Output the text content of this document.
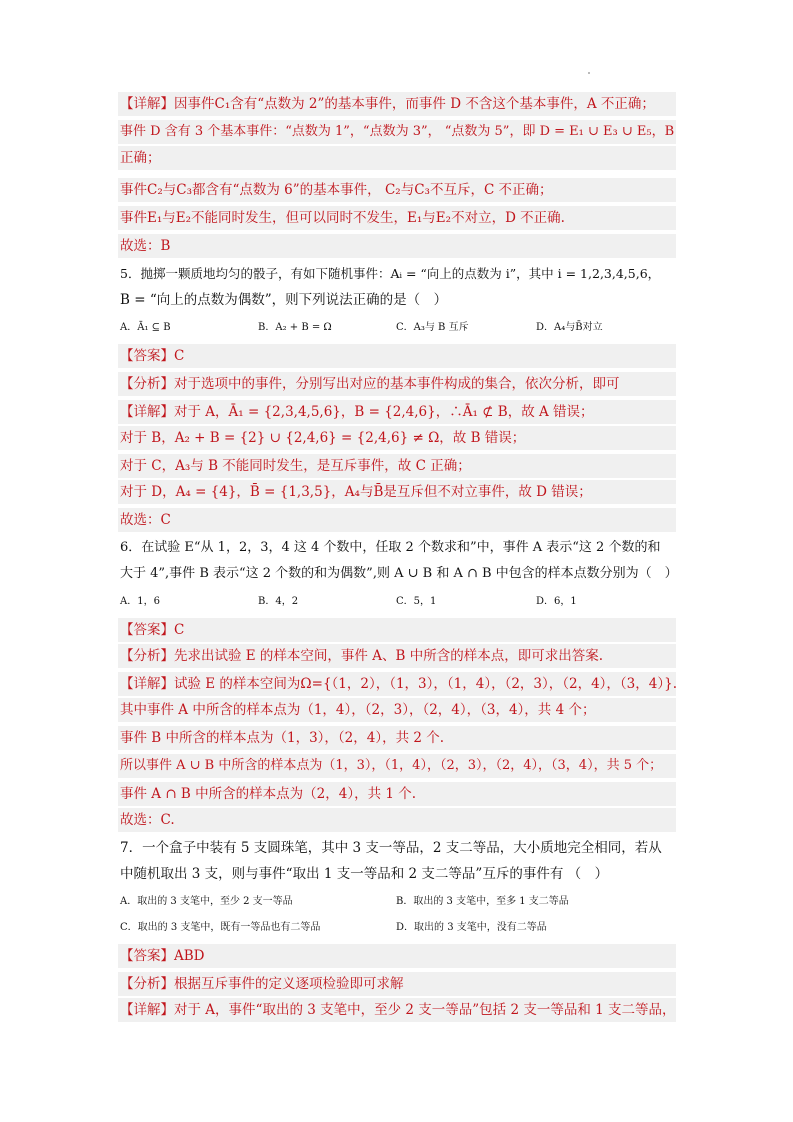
【详解】因事件C₁含有“点数为 2”的基本事件，而事件 D 不含这个基本事件，A 不正确；
事件 D 含有 3 个基本事件：“点数为 1”，“点数为 3”， “点数为 5”，即 D = E₁ ∪ E₃ ∪ E₅，B
正确；
事件C₂与C₃都含有“点数为 6”的基本事件， C₂与C₃不互斥，C 不正确；
事件E₁与E₂不能同时发生，但可以同时不发生，E₁与E₂不对立，D 不正确.
故选：B
5．抛掷一颗质地均匀的骰子，有如下随机事件：Aᵢ = “向上的点数为 i”，其中 i = 1,2,3,4,5,6，
B = “向上的点数为偶数”，则下列说法正确的是（　）
A．Ā₁ ⊆ B	B．A₂ + B = Ω	C．A₃与 B 互斥	D．A₄与B̄对立
【答案】C
【分析】对于选项中的事件，分别写出对应的基本事件构成的集合，依次分析，即可
【详解】对于 A，Ā₁ = {2,3,4,5,6}，B = {2,4,6}，∴Ā₁ ⊄ B，故 A 错误；
对于 B，A₂ + B = {2} ∪ {2,4,6} = {2,4,6} ≠ Ω，故 B 错误；
对于 C，A₃与 B 不能同时发生，是互斥事件，故 C 正确；
对于 D，A₄ = {4}，B̄ = {1,3,5}，A₄与B̄是互斥但不对立事件，故 D 错误；
故选：C
6．在试验 E“从 1，2，3，4 这 4 个数中，任取 2 个数求和”中，事件 A 表示“这 2 个数的和
大于 4”,事件 B 表示“这 2 个数的和为偶数”,则 A ∪ B 和 A ∩ B 中包含的样本点数分别为（　）
A．1，6	B．4，2	C．5，1	D．6，1
【答案】C
【分析】先求出试验 E 的样本空间，事件 A、B 中所含的样本点，即可求出答案.
【详解】试验 E 的样本空间为Ω={（1，2），（1，3），（1，4），（2，3），（2，4），（3，4）}.
其中事件 A 中所含的样本点为（1，4），（2，3），（2，4），（3，4），共 4 个；
事件 B 中所含的样本点为（1，3），（2，4），共 2 个.
所以事件 A ∪ B 中所含的样本点为（1，3），（1，4），（2，3），（2，4），（3，4），共 5 个；
事件 A ∩ B 中所含的样本点为（2，4），共 1 个.
故选：C.
7．一个盒子中装有 5 支圆珠笔，其中 3 支一等品，2 支二等品，大小质地完全相同，若从
中随机取出 3 支，则与事件“取出 1 支一等品和 2 支二等品”互斥的事件有 （　）
A．取出的 3 支笔中，至少 2 支一等品	B．取出的 3 支笔中，至多 1 支二等品
C．取出的 3 支笔中，既有一等品也有二等品	D．取出的 3 支笔中，没有二等品
【答案】ABD
【分析】根据互斥事件的定义逐项检验即可求解
【详解】对于 A，事件“取出的 3 支笔中，至少 2 支一等品”包括 2 支一等品和 1 支二等品，
